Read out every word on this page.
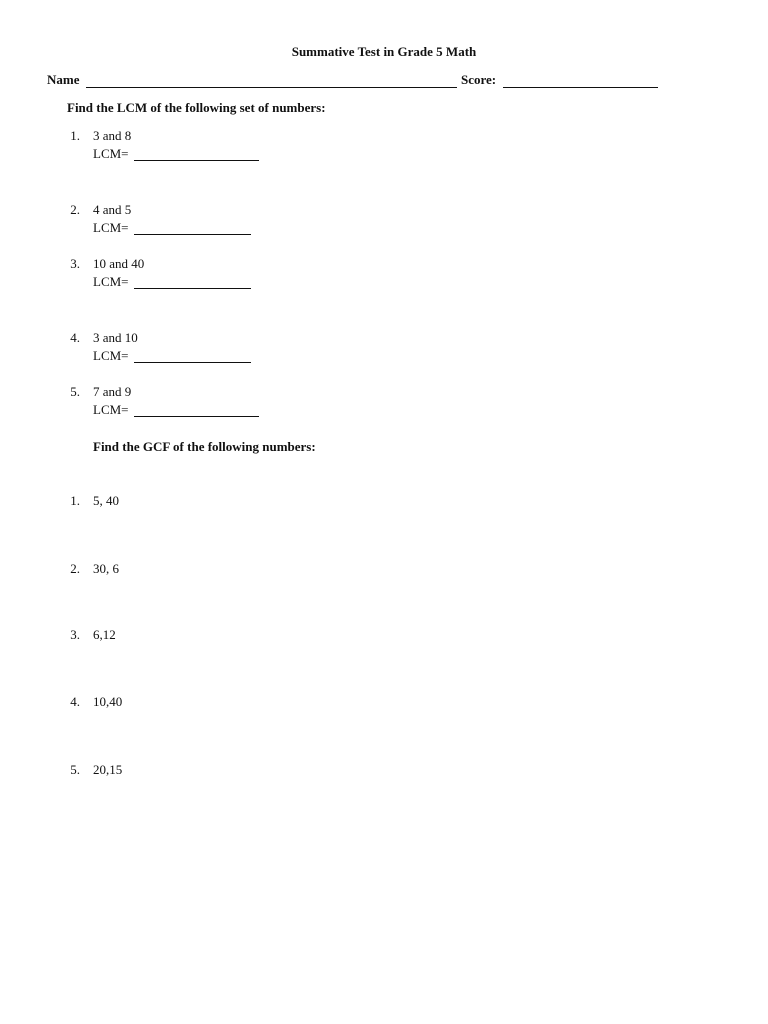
Summative Test in Grade 5 Math
Name	Score:
Find the LCM of the following set of numbers:
1. 3 and 8
LCM=
2. 4 and 5
LCM=
3. 10 and 40
LCM=
4. 3 and 10
LCM=
5. 7 and 9
LCM=
Find the GCF of the following numbers:
1. 5, 40
2. 30, 6
3. 6,12
4. 10,40
5. 20,15
